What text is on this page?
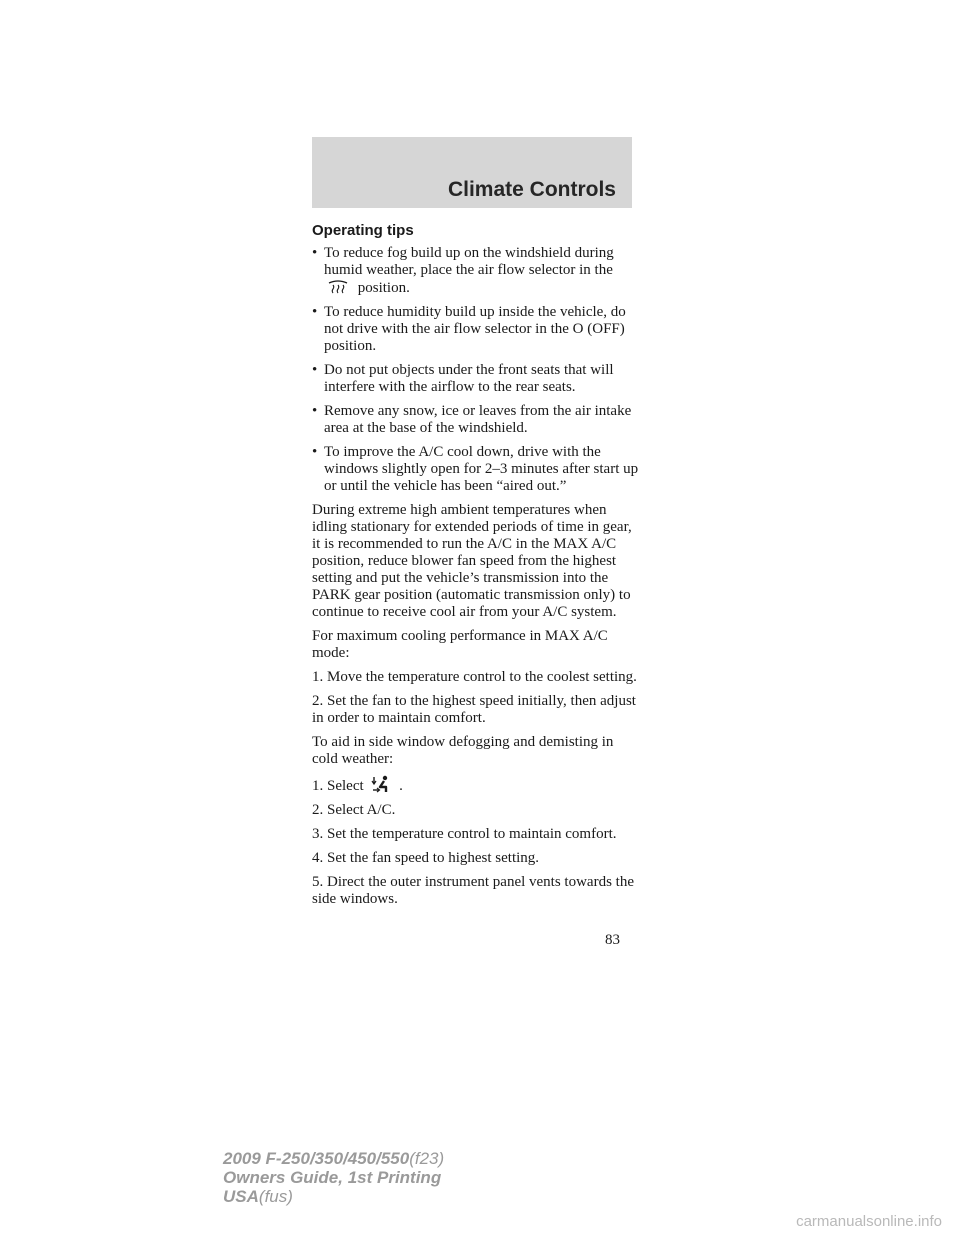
Climate Controls
Operating tips
• To reduce fog build up on the windshield during humid weather, place the air flow selector in the  position.
• To reduce humidity build up inside the vehicle, do not drive with the air flow selector in the O (OFF) position.
• Do not put objects under the front seats that will interfere with the airflow to the rear seats.
• Remove any snow, ice or leaves from the air intake area at the base of the windshield.
• To improve the A/C cool down, drive with the windows slightly open for 2–3 minutes after start up or until the vehicle has been “aired out.”

During extreme high ambient temperatures when idling stationary for extended periods of time in gear, it is recommended to run the A/C in the MAX A/C position, reduce blower fan speed from the highest setting and put the vehicle’s transmission into the PARK gear position (automatic transmission only) to continue to receive cool air from your A/C system.

For maximum cooling performance in MAX A/C mode:

1. Move the temperature control to the coolest setting.

2. Set the fan to the highest speed initially, then adjust in order to maintain comfort.

To aid in side window defogging and demisting in cold weather:

1. Select .

2. Select A/C.

3. Set the temperature control to maintain comfort.

4. Set the fan speed to highest setting.

5. Direct the outer instrument panel vents towards the side windows.

83
2009 F-250/350/450/550(f23)
Owners Guide, 1st Printing
USA(fus)
carmanualsonline.info
